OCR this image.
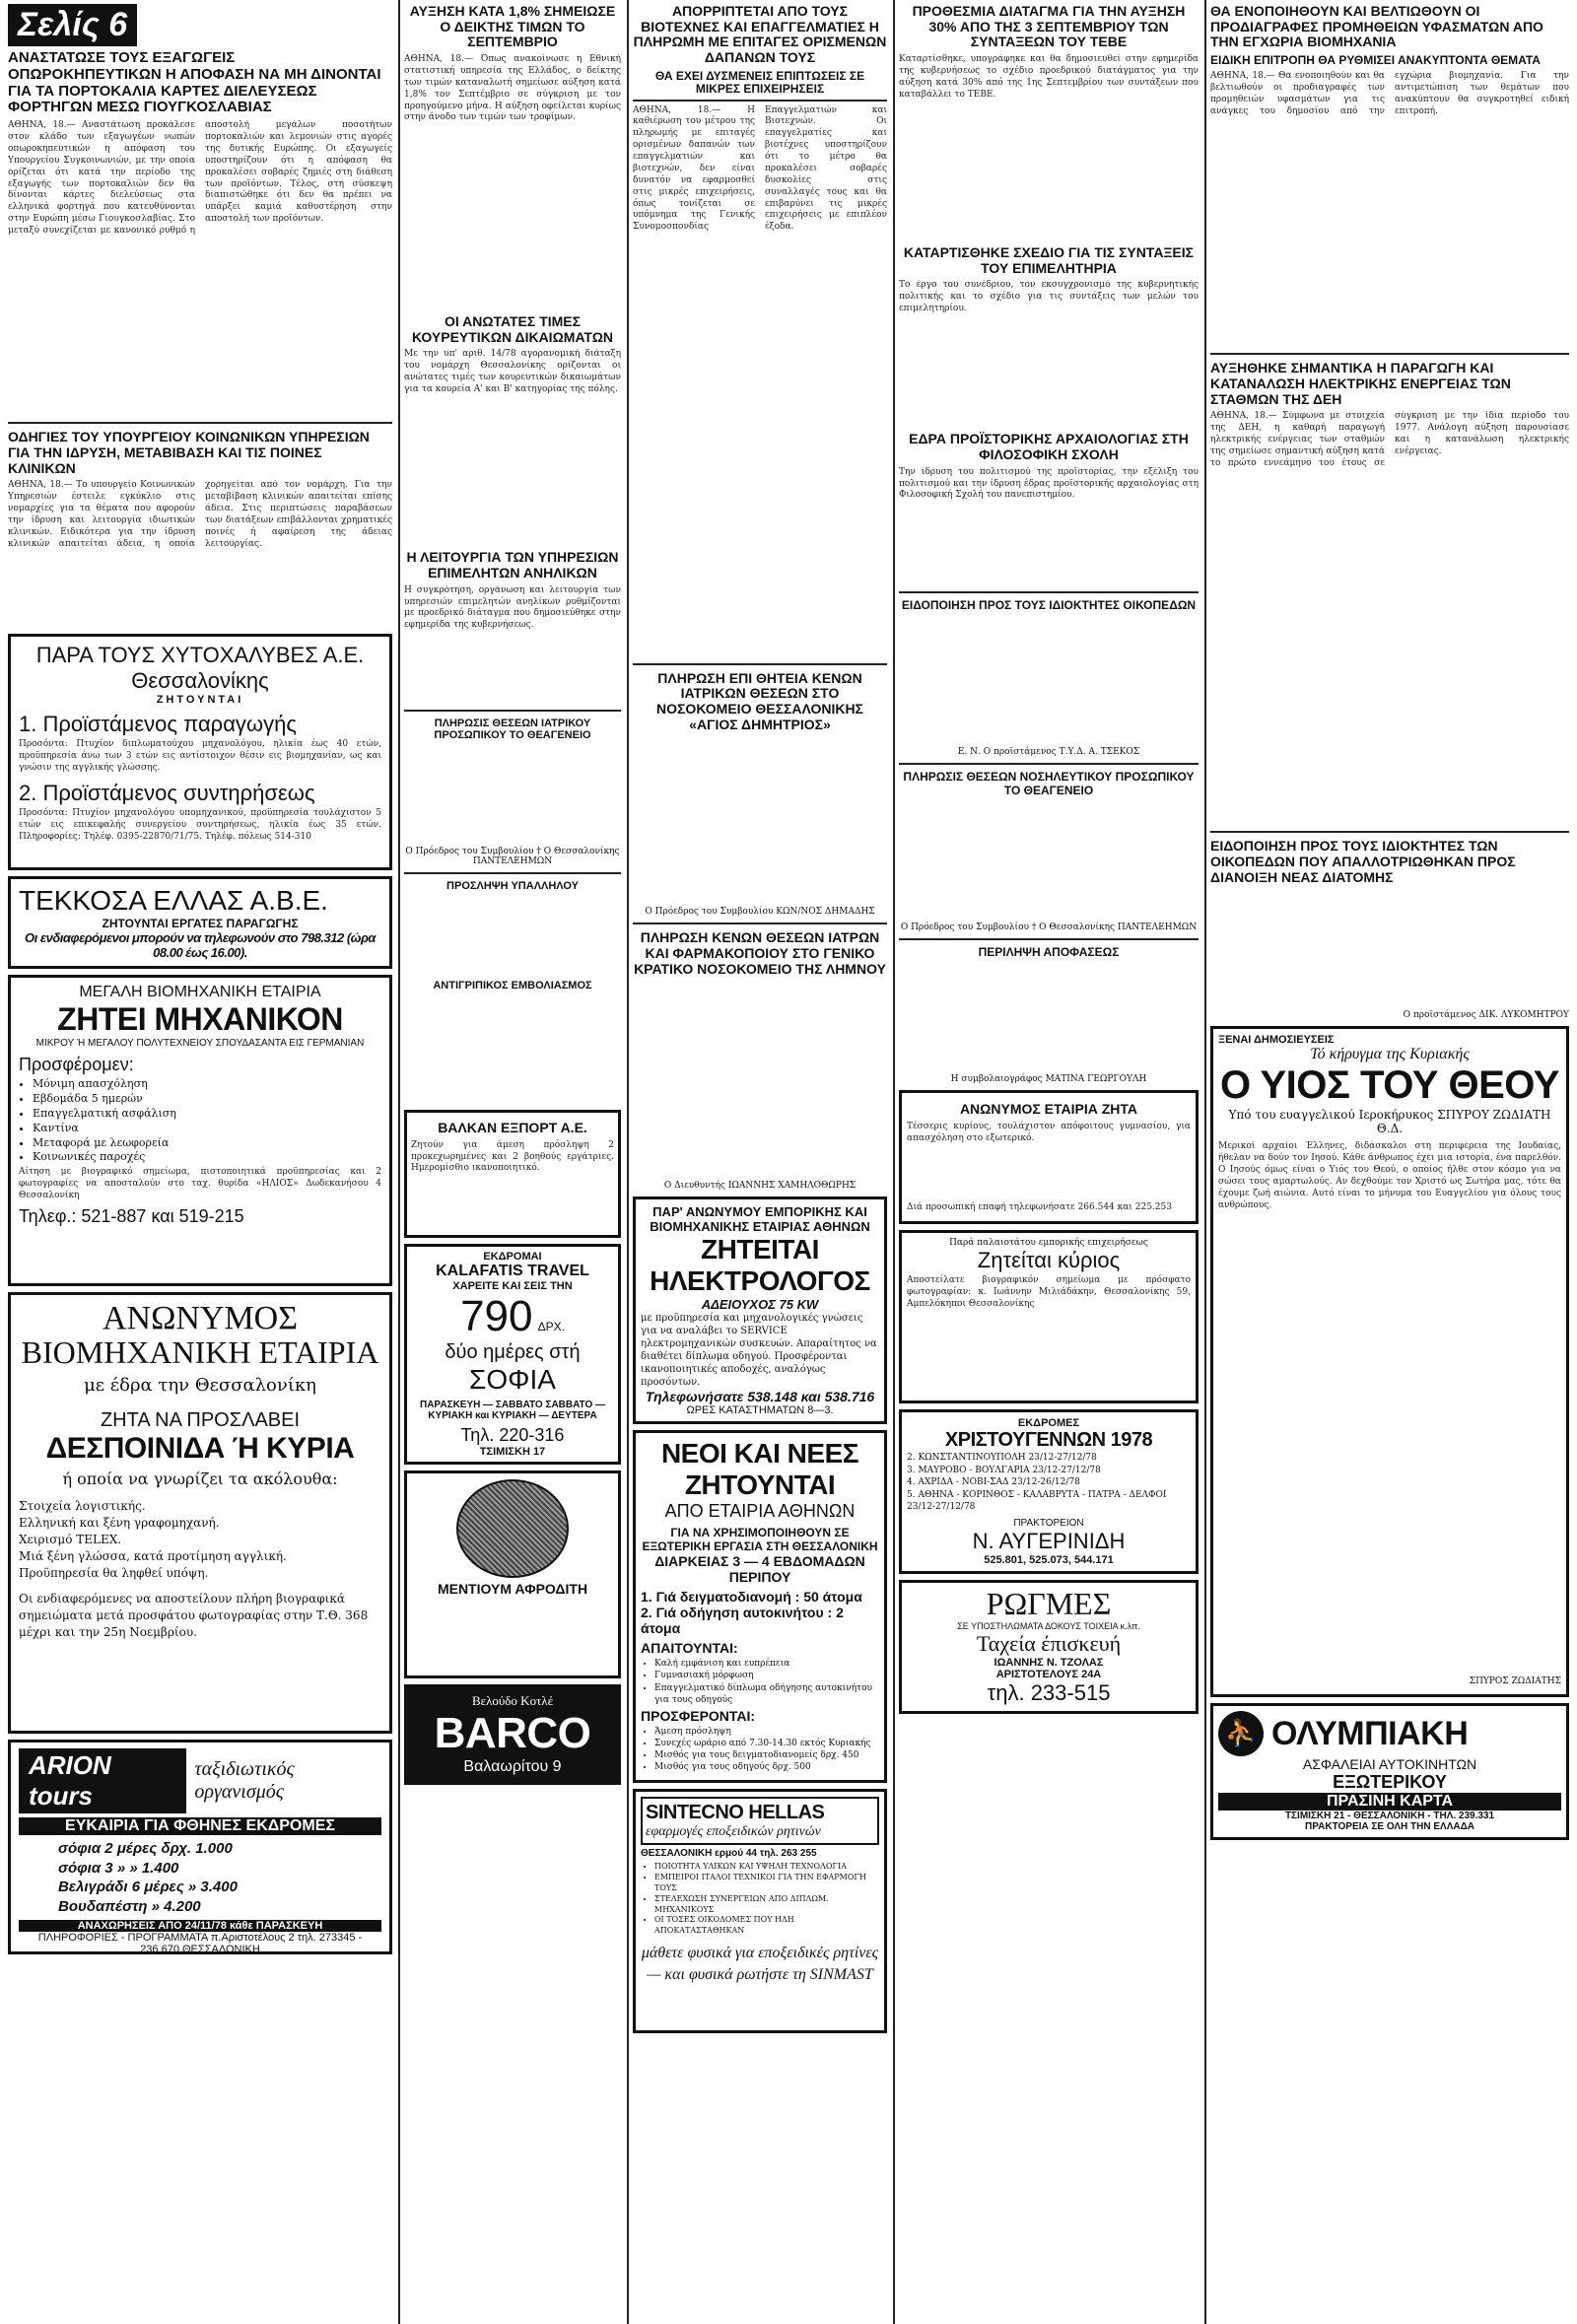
Σελίς 6
ΑΝΑΣΤΑΤΩΣΕ ΤΟΥΣ ΕΞΑΓΩΓΕΙΣ ΟΠΩΡΟΚΗΠΕΥΤΙΚΩΝ Η ΑΠΟΦΑΣΗ ΝΑ ΜΗ ΔΙΝΟΝΤΑΙ ΓΙΑ ΤΑ ΠΟΡΤΟΚΑΛΙΑ ΚΑΡΤΕΣ ΔΙΕΛΕΥΣΕΩΣ ΦΟΡΤΗΓΩΝ ΜΕΣΩ ΓΙΟΥΓΚΟΣΛΑΒΙΑΣ
ΑΘΗΝΑ, 18.— Αναστάτωση προκάλεσε στον κλάδο των εξαγωγέων νωπών οπωροκηπευτικών η απόφαση του Υπουργείου Συγκοινωνιών, με την οποία ορίζεται ότι κατά την περίοδο της εξαγωγής των πορτοκαλιών δεν θα δίνονται κάρτες διελεύσεως στα ελληνικά φορτηγά που κατευθύνονται στην Ευρώπη μέσω Γιουγκοσλαβίας. Στο μεταξύ συνεχίζεται με κανονικό ρυθμό η αποστολή μεγάλων ποσοτήτων πορτοκαλιών και λεμονιών στις αγορές της δυτικής Ευρώπης. Οι εξαγωγείς υποστηρίζουν ότι η απόφαση θα προκαλέσει σοβαρές ζημιές στη διάθεση των προϊόντων. Τέλος, στη σύσκεψη διαπιστώθηκε ότι δεν θα πρέπει να υπάρξει καμιά καθυστέρηση στην αποστολή των προϊόντων.
ΟΔΗΓΙΕΣ ΤΟΥ ΥΠΟΥΡΓΕΙΟΥ ΚΟΙΝΩΝΙΚΩΝ ΥΠΗΡΕΣΙΩΝ ΓΙΑ ΤΗΝ ΙΔΡΥΣΗ, ΜΕΤΑΒΙΒΑΣΗ ΚΑΙ ΤΙΣ ΠΟΙΝΕΣ ΚΛΙΝΙΚΩΝ
ΑΘΗΝΑ, 18.— Το υπουργείο Κοινωνικών Υπηρεσιών έστειλε εγκύκλιο στις νομαρχίες για τα θέματα που αφορούν την ίδρυση και λειτουργία ιδιωτικών κλινικών. Ειδικότερα για την ίδρυση κλινικών απαιτείται άδεια, η οποία χορηγείται από τον νομάρχη. Για την μεταβίβαση κλινικών απαιτείται επίσης άδεια. Στις περιπτώσεις παραβάσεων των διατάξεων επιβάλλονται χρηματικές ποινές ή αφαίρεση της άδειας λειτουργίας.
ΠΑΡΑ ΤΟΥΣ ΧΥΤΟΧΑΛΥΒΕΣ Α.Ε. Θεσσαλονίκης
ΖΗΤΟΥΝΤΑΙ
1. Προϊστάμενος παραγωγής
Προσόντα: Πτυχίον διπλωματούχου μηχανολόγου, ηλικία έως 40 ετών, προϋπηρεσία άνω των 3 ετών εις αντίστοιχον θέσιν εις βιομηχανίαν, ως και γνώσιν της αγγλικής γλώσσης.
2. Προϊστάμενος συντηρήσεως
Προσόντα: Πτυχίον μηχανολόγου υπομηχανικού, προϋπηρεσία τουλάχιστον 5 ετών εις επικεφαλής συνεργείου συντηρήσεως, ηλικία έως 35 ετών. Πληροφορίες: Τηλέφ. 0395-22870/71/75. Τηλέφ. πόλεως 514-310
ΤΕΚΚΟΣΑ ΕΛΛΑΣ Α.Β.Ε.
ΖΗΤΟΥΝΤΑΙ ΕΡΓΑΤΕΣ ΠΑΡΑΓΩΓΗΣ
Οι ενδιαφερόμενοι μπορούν να τηλεφωνούν στο 798.312 (ώρα 08.00 έως 16.00).
ΜΕΓΑΛΗ ΒΙΟΜΗΧΑΝΙΚΗ ΕΤΑΙΡΙΑ
ΖΗΤΕΙ ΜΗΧΑΝΙΚΟΝ
ΜΙΚΡΟΥ Ή ΜΕΓΑΛΟΥ ΠΟΛΥΤΕΧΝΕΙΟΥ ΣΠΟΥΔΑΣΑΝΤΑ ΕΙΣ ΓΕΡΜΑΝΙΑΝ
Προσφέρομεν:
• Μόνιμη απασχόληση
• Εβδομάδα 5 ημερών
• Επαγγελματική ασφάλιση
• Καντίνα
• Μεταφορά με λεωφορεία
• Κοινωνικές παροχές
Αίτηση με βιογραφικό σημείωμα, πιστοποιητικά προϋπηρεσίας και 2 φωτογραφίες να αποσταλούν στο ταχ. θυρίδα «ΗΛΙΟΣ» Δωδεκανήσου 4 Θεσσαλονίκη
Τηλεφ.: 521-887 και 519-215
ΑΝΩΝΥΜΟΣ
ΒΙΟΜΗΧΑΝΙΚΗ ΕΤΑΙΡΙΑ
με έδρα την Θεσσαλονίκη
ΖΗΤΑ ΝΑ ΠΡΟΣΛΑΒΕΙ
ΔΕΣΠΟΙΝΙΔΑ Ή ΚΥΡΙΑ
ή οποία να γνωρίζει τα ακόλουθα:
Στοιχεία λογιστικής.
Ελληνική και ξένη γραφομηχανή.
Χειρισμό TELEX.
Μιά ξένη γλώσσα, κατά προτίμηση αγγλική.
Προϋπηρεσία θα ληφθεί υπόψη.
Οι ενδιαφερόμενες να αποστείλουν πλήρη βιογραφικά σημειώματα μετά προσφάτου φωτογραφίας στην Τ.Θ. 368 μέχρι και την 25η Νοεμβρίου.
ARION tours
ταξιδιωτικός οργανισμός
ΕΥΚΑΙΡΙΑ ΓΙΑ ΦΘΗΝΕΣ ΕΚΔΡΟΜΕΣ
σόφια 2 μέρες δρχ. 1.000
σόφια 3 » » 1.400
Βελιγράδι 6 μέρες » 3.400
Βουδαπέστη » 4.200
ΑΝΑΧΩΡΗΣΕΙΣ ΑΠΟ 24/11/78 κάθε ΠΑΡΑΣΚΕΥΗ
ΠΛΗΡΟΦΟΡΙΕΣ - ΠΡΟΓΡΑΜΜΑΤΑ π.Αριστοτέλους 2 τηλ. 273345 - 236.670 ΘΕΣΣΑΛΟΝΙΚΗ
ΑΥΞΗΣΗ ΚΑΤΑ 1,8% ΣΗΜΕΙΩΣΕ Ο ΔΕΙΚΤΗΣ ΤΙΜΩΝ ΤΟ ΣΕΠΤΕΜΒΡΙΟ
ΑΘΗΝΑ, 18.— Όπως ανακοίνωσε η Εθνική στατιστική υπηρεσία της Ελλάδος, ο δείκτης των τιμών καταναλωτή σημείωσε αύξηση κατά 1,8% τον Σεπτέμβριο σε σύγκριση με τον προηγούμενο μήνα. Η αύξηση οφείλεται κυρίως στην άνοδο των τιμών των τροφίμων.
ΟΙ ΑΝΩΤΑΤΕΣ ΤΙΜΕΣ ΚΟΥΡΕΥΤΙΚΩΝ ΔΙΚΑΙΩΜΑΤΩΝ
Με την υπ' αριθ. 14/78 αγορανομική διάταξη του νομάρχη Θεσσαλονίκης ορίζονται οι ανώτατες τιμές των κουρευτικών δικαιωμάτων για τα κουρεία Α' και Β' κατηγορίας της πόλης.
Η ΛΕΙΤΟΥΡΓΙΑ ΤΩΝ ΥΠΗΡΕΣΙΩΝ ΕΠΙΜΕΛΗΤΩΝ ΑΝΗΛΙΚΩΝ
Η συγκρότηση, οργάνωση και λειτουργία των υπηρεσιών επιμελητών ανηλίκων ρυθμίζονται με προεδρικό διάταγμα που δημοσιεύθηκε στην εφημερίδα της κυβερνήσεως.
ΠΛΗΡΩΣΙΣ ΘΕΣΕΩΝ ΙΑΤΡΙΚΟΥ ΠΡΟΣΩΠΙΚΟΥ ΤΟ ΘΕΑΓΕΝΕΙΟ
Ο Πρόεδρος του Συμβουλίου † Ο Θεσσαλονίκης ΠΑΝΤΕΛΕΗΜΩΝ
ΠΡΟΣΛΗΨΗ ΥΠΑΛΛΗΛΟΥ
ΑΝΤΙΓΡΙΠΙΚΟΣ ΕΜΒΟΛΙΑΣΜΟΣ
ΒΑΛΚΑΝ ΕΞΠΟΡΤ Α.Ε.
Ζητούν για άμεση πρόσληψη 2 προκεχωρημένες και 2 βοηθούς εργάτριες. Ημερομίσθιο ικανοποιητικό.
ΕΚΔΡΟΜΑΙ
KALAFATIS TRAVEL
ΧΑΡΕΙΤΕ ΚΑΙ ΣΕΙΣ ΤΗΝ
790 ΔΡΧ.
δύο ημέρες στή
ΣΟΦΙΑ
ΠΑΡΑΣΚΕΥΗ — ΣΑΒΒΑΤΟ ΣΑΒΒΑΤΟ — ΚΥΡΙΑΚΗ και ΚΥΡΙΑΚΗ — ΔΕΥΤΕΡΑ
Τηλ. 220-316
ΤΣΙΜΙΣΚΗ 17
ΜΕΝΤΙΟΥΜ ΑΦΡΟΔΙΤΗ
Βελούδο Κοτλέ
BARCO
Βαλαωρίτου 9
ΑΠΟΡΡΙΠΤΕΤΑΙ ΑΠΟ ΤΟΥΣ ΒΙΟΤΕΧΝΕΣ ΚΑΙ ΕΠΑΓΓΕΛΜΑΤΙΕΣ Η ΠΛΗΡΩΜΗ ΜΕ ΕΠΙΤΑΓΕΣ ΟΡΙΣΜΕΝΩΝ ΔΑΠΑΝΩΝ ΤΟΥΣ
ΘΑ ΕΧΕΙ ΔΥΣΜΕΝΕΙΣ ΕΠΙΠΤΩΣΕΙΣ ΣΕ ΜΙΚΡΕΣ ΕΠΙΧΕΙΡΗΣΕΙΣ
ΑΘΗΝΑ, 18.— Η καθιέρωση του μέτρου της πληρωμής με επιταγές ορισμένων δαπανών των επαγγελματιών και βιοτεχνών, δεν είναι δυνατόν να εφαρμοσθεί στις μικρές επιχειρήσεις, όπως τονίζεται σε υπόμνημα της Γενικής Συνομοσπονδίας Επαγγελματιών και Βιοτεχνών. Οι επαγγελματίες και βιοτέχνες υποστηρίζουν ότι το μέτρο θα προκαλέσει σοβαρές δυσκολίες στις συναλλαγές τους και θα επιβαρύνει τις μικρές επιχειρήσεις με επιπλέον έξοδα.
ΠΛΗΡΩΣΗ ΕΠΙ ΘΗΤΕΙΑ ΚΕΝΩΝ ΙΑΤΡΙΚΩΝ ΘΕΣΕΩΝ ΣΤΟ ΝΟΣΟΚΟΜΕΙΟ ΘΕΣΣΑΛΟΝΙΚΗΣ «ΑΓΙΟΣ ΔΗΜΗΤΡΙΟΣ»
Ο Πρόεδρος του Συμβουλίου ΚΩΝ/ΝΟΣ ΔΗΜΑΔΗΣ
ΠΛΗΡΩΣΗ ΚΕΝΩΝ ΘΕΣΕΩΝ ΙΑΤΡΩΝ ΚΑΙ ΦΑΡΜΑΚΟΠΟΙΟΥ ΣΤΟ ΓΕΝΙΚΟ ΚΡΑΤΙΚΟ ΝΟΣΟΚΟΜΕΙΟ ΤΗΣ ΛΗΜΝΟΥ
Ο Διευθυντής ΙΩΑΝΝΗΣ ΧΑΜΗΛΟΘΩΡΗΣ
ΠΑΡ' ΑΝΩΝΥΜΟΥ ΕΜΠΟΡΙΚΗΣ ΚΑΙ ΒΙΟΜΗΧΑΝΙΚΗΣ ΕΤΑΙΡΙΑΣ ΑΘΗΝΩΝ
ΖΗΤΕΙΤΑΙ ΗΛΕΚΤΡΟΛΟΓΟΣ
ΑΔΕΙΟΥΧΟΣ 75 KW
με προϋπηρεσία και μηχανολογικές γνώσεις για να αναλάβει το SERVICE ηλεκτρομηχανικών συσκευών. Απαραίτητος να διαθέτει δίπλωμα οδηγού. Προσφέρονται ικανοποιητικές αποδοχές, αναλόγως προσόντων.
Τηλεφωνήσατε 538.148 και 538.716
ΩΡΕΣ ΚΑΤΑΣΤΗΜΑΤΩΝ 8—3.
ΝΕΟΙ ΚΑΙ ΝΕΕΣ ΖΗΤΟΥΝΤΑΙ
ΑΠΟ ΕΤΑΙΡΙΑ ΑΘΗΝΩΝ
ΓΙΑ ΝΑ ΧΡΗΣΙΜΟΠΟΙΗΘΟΥΝ ΣΕ ΕΞΩΤΕΡΙΚΗ ΕΡΓΑΣΙΑ ΣΤΗ ΘΕΣΣΑΛΟΝΙΚΗ
ΔΙΑΡΚΕΙΑΣ 3 — 4 ΕΒΔΟΜΑΔΩΝ ΠΕΡΙΠΟΥ
1. Γιά δειγματοδιανομή : 50 άτομα
2. Γιά οδήγηση αυτοκινήτου : 2 άτομα
ΑΠΑΙΤΟΥΝΤΑΙ:
• Καλή εμφάνιση και ευπρέπεια
• Γυμνασιακή μόρφωση
• Επαγγελματικό δίπλωμα οδήγησης αυτοκινήτου για τους οδηγούς
ΠΡΟΣΦΕΡΟΝΤΑΙ:
• Άμεση πρόσληψη
• Συνεχές ωράριο από 7.30-14.30 εκτός Κυριακής
• Μισθός για τους δειγματοδιανομείς δρχ. 450
• Μισθός για τους οδηγούς δρχ. 500
SINTECNO HELLAS
εφαρμογές εποξειδικών ρητινών
ΘΕΣΣΑΛΟΝΙΚΗ ερμού 44 τηλ. 263 255
• ΠΟΙΟΤΗΤΑ ΥΛΙΚΩΝ ΚΑΙ ΥΨΗΛΗ ΤΕΧΝΟΛΟΓΙΑ
• ΕΜΠΕΙΡΟΙ ΙΤΑΛΟΙ ΤΕΧΝΙΚΟΙ ΓΙΑ ΤΗΝ ΕΦΑΡΜΟΓΗ ΤΟΥΣ
• ΣΤΕΛΕΧΩΣΗ ΣΥΝΕΡΓΕΙΩΝ ΑΠΟ ΔΙΠΛΩΜ. ΜΗΧΑΝΙΚΟΥΣ
• ΟΙ ΤΟΣΕΣ ΟΙΚΟΔΟΜΕΣ ΠΟΥ ΗΔΗ ΑΠΟΚΑΤΑΣΤΑΘΗΚΑΝ
μάθετε φυσικά για εποξειδικές ρητίνες — και φυσικά ρωτήστε τη SINMAST
ΠΡΟΘΕΣΜΙΑ ΔΙΑΤΑΓΜΑ ΓΙΑ ΤΗΝ ΑΥΞΗΣΗ 30% ΑΠΟ ΤΗΣ 3 ΣΕΠΤΕΜΒΡΙΟΥ ΤΩΝ ΣΥΝΤΑΞΕΩΝ ΤΟΥ ΤΕΒΕ
Καταρτίσθηκε, υπογράφηκε και θα δημοσιευθεί στην εφημερίδα της κυβερνήσεως το σχέδιο προεδρικού διατάγματος για την αύξηση κατά 30% από της 1ης Σεπτεμβρίου των συντάξεων που καταβάλλει το ΤΕΒΕ.
ΚΑΤΑΡΤΙΣΘΗΚΕ ΣΧΕΔΙΟ ΓΙΑ ΤΙΣ ΣΥΝΤΑΞΕΙΣ ΤΟΥ ΕΠΙΜΕΛΗΤΗΡΙΑ
Το έργο του συνέδριου, τον εκσυγχρονισμό της κυβερνητικής πολιτικής και το σχέδιο για τις συντάξεις των μελών του επιμελητηρίου.
ΕΔΡΑ ΠΡΟΪΣΤΟΡΙΚΗΣ ΑΡΧΑΙΟΛΟΓΙΑΣ ΣΤΗ ΦΙΛΟΣΟΦΙΚΗ ΣΧΟΛΗ
Την ίδρυση του πολιτισμού της προϊστορίας, την εξέλιξη του πολιτισμού και την ίδρυση έδρας προϊστορικής αρχαιολογίας στη Φιλοσοφική Σχολή του πανεπιστημίου.
ΕΙΔΟΠΟΙΗΣΗ ΠΡΟΣ ΤΟΥΣ ΙΔΙΟΚΤΗΤΕΣ ΟΙΚΟΠΕΔΩΝ
Ε. Ν. Ο προϊστάμενος Τ.Υ.Δ. Α. ΤΣΕΚΟΣ
ΠΛΗΡΩΣΙΣ ΘΕΣΕΩΝ ΝΟΣΗΛΕΥΤΙΚΟΥ ΠΡΟΣΩΠΙΚΟΥ ΤΟ ΘΕΑΓΕΝΕΙΟ
Ο Πρόεδρος του Συμβουλίου † Ο Θεσσαλονίκης ΠΑΝΤΕΛΕΗΜΩΝ
ΠΕΡΙΛΗΨΗ ΑΠΟΦΑΣΕΩΣ
Η συμβολαιογράφος ΜΑΤΙΝΑ ΓΕΩΡΓΟΥΛΗ
ΑΝΩΝΥΜΟΣ ΕΤΑΙΡΙΑ ΖΗΤΑ
Τέσσερις κυρίους, τουλάχιστον απόφοιτους γυμνασίου, για απασχόληση στο εξωτερικό.
Διά προσωπική επαφή τηλεφωνήσατε 266.544 και 225.253
Παρά παλαιοτάτου εμπορικής επιχειρήσεως
Ζητείται κύριος
Αποστείλατε βιογραφικόν σημείωμα με πρόσφατο φωτογραφίαν: κ. Ιωάννην Μιλιάδάκην, Θεσσαλονίκης 59, Αμπελόκηποι Θεσσαλονίκης
ΕΚΔΡΟΜΕΣ
ΧΡΙΣΤΟΥΓΕΝΝΩΝ 1978
2. ΚΩΝΣΤΑΝΤΙΝΟΥΠΟΛΗ 23/12-27/12/78
3. ΜΑΥΡΟΒΟ - ΒΟΥΛΓΑΡΙΑ 23/12-27/12/78
4. ΑΧΡΙΔΑ - ΝΟΒΙ-ΣΑΔ 23/12-26/12/78
5. ΑΘΗΝΑ - ΚΟΡΙΝΘΟΣ - ΚΑΛΑΒΡΥΤΑ - ΠΑΤΡΑ - ΔΕΛΦΟΙ 23/12-27/12/78
ΠΡΑΚΤΟΡΕΙΟΝ
Ν. ΑΥΓΕΡΙΝΙΔΗ
525.801, 525.073, 544.171
ΡΩΓΜΕΣ
ΣΕ ΥΠΟΣΤΗΛΩΜΑΤΑ ΔΟΚΟΥΣ ΤΟΙΧΕΙΑ κ.λπ.
Ταχεία έπισκευή
ΙΩΑΝΝΗΣ Ν. ΤΖΟΛΑΣ
ΑΡΙΣΤΟΤΕΛΟΥΣ 24Α
τηλ. 233-515
ΘΑ ΕΝΟΠΟΙΗΘΟΥΝ ΚΑΙ ΒΕΛΤΙΩΘΟΥΝ ΟΙ ΠΡΟΔΙΑΓΡΑΦΕΣ ΠΡΟΜΗΘΕΙΩΝ ΥΦΑΣΜΑΤΩΝ ΑΠΟ ΤΗΝ ΕΓΧΩΡΙΑ ΒΙΟΜΗΧΑΝΙΑ
ΕΙΔΙΚΗ ΕΠΙΤΡΟΠΗ ΘΑ ΡΥΘΜΙΣΕΙ ΑΝΑΚΥΠΤΟΝΤΑ ΘΕΜΑΤΑ
ΑΘΗΝΑ, 18.— Θα ενοποιηθούν και θα βελτιωθούν οι προδιαγραφές των προμηθειών υφασμάτων για τις ανάγκες του δημοσίου από την εγχώρια βιομηχανία. Για την αντιμετώπιση των θεμάτων που ανακύπτουν θα συγκροτηθεί ειδική επιτροπή.
ΑΥΞΗΘΗΚΕ ΣΗΜΑΝΤΙΚΑ Η ΠΑΡΑΓΩΓΗ ΚΑΙ ΚΑΤΑΝΑΛΩΣΗ ΗΛΕΚΤΡΙΚΗΣ ΕΝΕΡΓΕΙΑΣ ΤΩΝ ΣΤΑΘΜΩΝ ΤΗΣ ΔΕΗ
ΑΘΗΝΑ, 18.— Σύμφωνα με στοιχεία της ΔΕΗ, η καθαρή παραγωγή ηλεκτρικής ενέργειας των σταθμών της σημείωσε σημαντική αύξηση κατά το πρώτο εννεάμηνο του έτους σε σύγκριση με την ίδια περίοδο του 1977. Ανάλογη αύξηση παρουσίασε και η κατανάλωση ηλεκτρικής ενέργειας.
ΕΙΔΟΠΟΙΗΣΗ ΠΡΟΣ ΤΟΥΣ ΙΔΙΟΚΤΗΤΕΣ ΤΩΝ ΟΙΚΟΠΕΔΩΝ ΠΟΥ ΑΠΑΛΛΟΤΡΙΩΘΗΚΑΝ ΠΡΟΣ ΔΙΑΝΟΙΞΗ ΝΕΑΣ ΔΙΑΤΟΜΗΣ
Ο προϊστάμενος ΔΙΚ. ΛΥΚΟΜΗΤΡΟΥ
ΞΕΝΑΙ ΔΗΜΟΣΙΕΥΣΕΙΣ
Τό κήρυγμα της Κυριακής
Ο ΥΙΟΣ ΤΟΥ ΘΕΟΥ
Υπό του ευαγγελικού Ιεροκήρυκος ΣΠΥΡΟΥ ΖΩΔΙΑΤΗ Θ.Δ.
Μερικοί αρχαίοι Έλληνες, διδάσκαλοι στη περιφέρεια της Ιουδαίας, ήθελαν να δούν τον Ιησού. Κάθε άνθρωπος έχει μια ιστορία, ένα παρελθόν. Ο Ιησούς όμως είναι ο Υιός του Θεού, ο οποίος ήλθε στον κόσμο για να σώσει τους αμαρτωλούς. Αν δεχθούμε τον Χριστό ως Σωτήρα μας, τότε θα έχουμε ζωή αιώνια. Αυτό είναι το μήνυμα του Ευαγγελίου για όλους τους ανθρώπους.
ΣΠΥΡΟΣ ΖΩΔΙΑΤΗΣ
⛹ ΟΛΥΜΠΙΑΚΗ
ΑΣΦΑΛΕΙΑΙ ΑΥΤΟΚΙΝΗΤΩΝ
ΕΞΩΤΕΡΙΚΟΥ
ΠΡΑΣΙΝΗ ΚΑΡΤΑ
ΤΣΙΜΙΣΚΗ 21 - ΘΕΣΣΑΛΟΝΙΚΗ - ΤΗΛ. 239.331
ΠΡΑΚΤΟΡΕΙΑ ΣΕ ΟΛΗ ΤΗΝ ΕΛΛΑΔΑ
